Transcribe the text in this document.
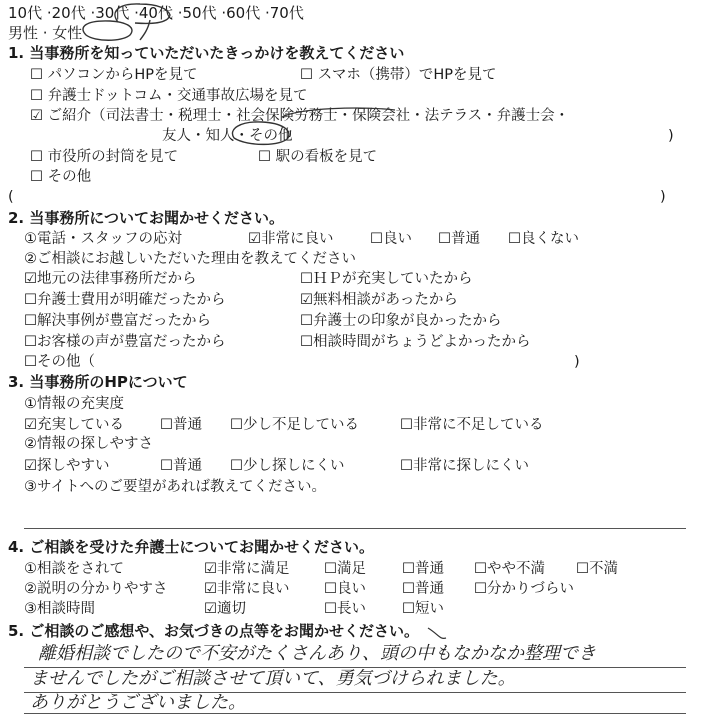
10代 ·20代 ·30代 ·40代 ·50代 ·60代 ·70代
男性 · 女性
1. 当事務所を知っていただいたきっかけを教えてください
☐ パソコンからHPを見て	☐ スマホ（携帯）でHPを見て
☐ 弁護士ドットコム・交通事故広場を見て
☑ ご紹介（司法書士・税理士・社会保険労務士・保険会社・法テラス・弁護士会・
友人・知人・その他	)
☐ 市役所の封筒を見て	☐ 駅の看板を見て
☐ その他
(	)
2. 当事務所についてお聞かせください。
①電話・スタッフの応対	☑非常に良い	☐良い ☐普通 ☐良くない
②ご相談にお越しいただいた理由を教えてください
☑地元の法律事務所だから	☐ＨＰが充実していたから
☐弁護士費用が明確だったから	☑無料相談があったから
☐解決事例が豊富だったから	☐弁護士の印象が良かったから
☐お客様の声が豊富だったから	☐相談時間がちょうどよかったから
☐その他（	)
3. 当事務所のHPについて
①情報の充実度
☑充実している ☐普通 ☐少し不足している	☐非常に不足している
②情報の探しやすさ
☑探しやすい	☐普通 ☐少し探しにくい	☐非常に探しにくい
③サイトへのご要望があれば教えてください。
4. ご相談を受けた弁護士についてお聞かせください。
①相談をされて	☑非常に満足 ☐満足 ☐普通 ☐やや不満 ☐不満
②説明の分かりやすさ	☑非常に良い ☐良い ☐普通 ☐分かりづらい
③相談時間	☑適切	☐長い ☐短い
5. ご相談のご感想や、お気づきの点等をお聞かせください。
離婚相談でしたので不安がたくさんあり、頭の中もなかなか整理でき
ませんでしたがご相談させて頂いて、勇気づけられました。
ありがとうございました。
